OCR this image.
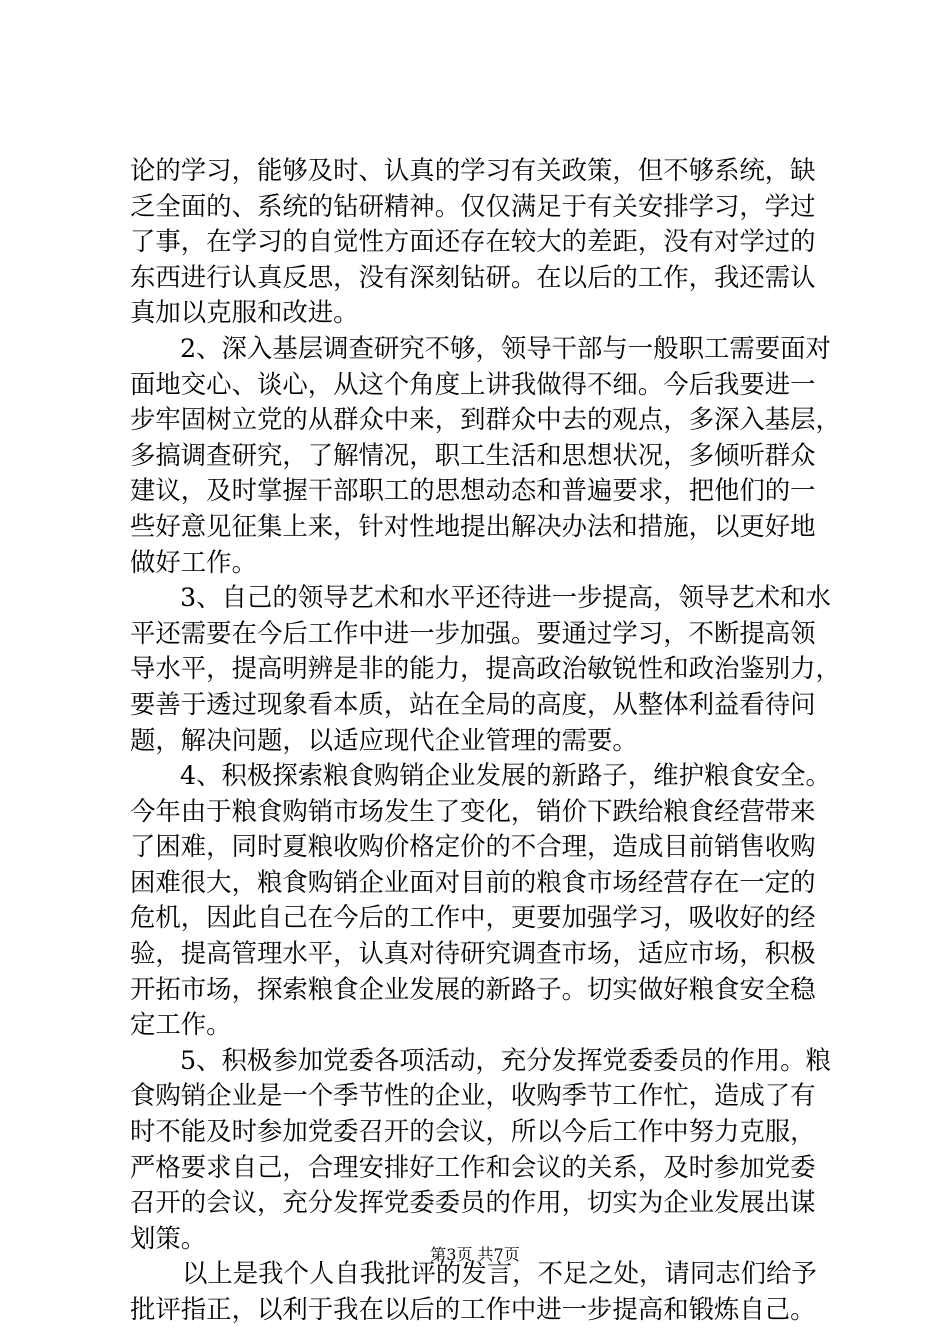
论的学习，能够及时、认真的学习有关政策，但不够系统，缺
乏全面的、系统的钻研精神。仅仅满足于有关安排学习，学过
了事，在学习的自觉性方面还存在较大的差距，没有对学过的
东西进行认真反思，没有深刻钻研。在以后的工作，我还需认
真加以克服和改进。
2、深入基层调查研究不够，领导干部与一般职工需要面对
面地交心、谈心，从这个角度上讲我做得不细。今后我要进一
步牢固树立党的从群众中来，到群众中去的观点，多深入基层，
多搞调查研究，了解情况，职工生活和思想状况，多倾听群众
建议，及时掌握干部职工的思想动态和普遍要求，把他们的一
些好意见征集上来，针对性地提出解决办法和措施，以更好地
做好工作。
3、自己的领导艺术和水平还待进一步提高，领导艺术和水
平还需要在今后工作中进一步加强。要通过学习，不断提高领
导水平，提高明辨是非的能力，提高政治敏锐性和政治鉴别力，
要善于透过现象看本质，站在全局的高度，从整体利益看待问
题，解决问题，以适应现代企业管理的需要。
4、积极探索粮食购销企业发展的新路子，维护粮食安全。
今年由于粮食购销市场发生了变化，销价下跌给粮食经营带来
了困难，同时夏粮收购价格定价的不合理，造成目前销售收购
困难很大，粮食购销企业面对目前的粮食市场经营存在一定的
危机，因此自己在今后的工作中，更要加强学习，吸收好的经
验，提高管理水平，认真对待研究调查市场，适应市场，积极
开拓市场，探索粮食企业发展的新路子。切实做好粮食安全稳
定工作。
5、积极参加党委各项活动，充分发挥党委委员的作用。粮
食购销企业是一个季节性的企业，收购季节工作忙，造成了有
时不能及时参加党委召开的会议，所以今后工作中努力克服，
严格要求自己，合理安排好工作和会议的关系，及时参加党委
召开的会议，充分发挥党委委员的作用，切实为企业发展出谋
划策。
以上是我个人自我批评的发言，不足之处，请同志们给予
批评指正，以利于我在以后的工作中进一步提高和锻炼自己。
第3页 共7页
